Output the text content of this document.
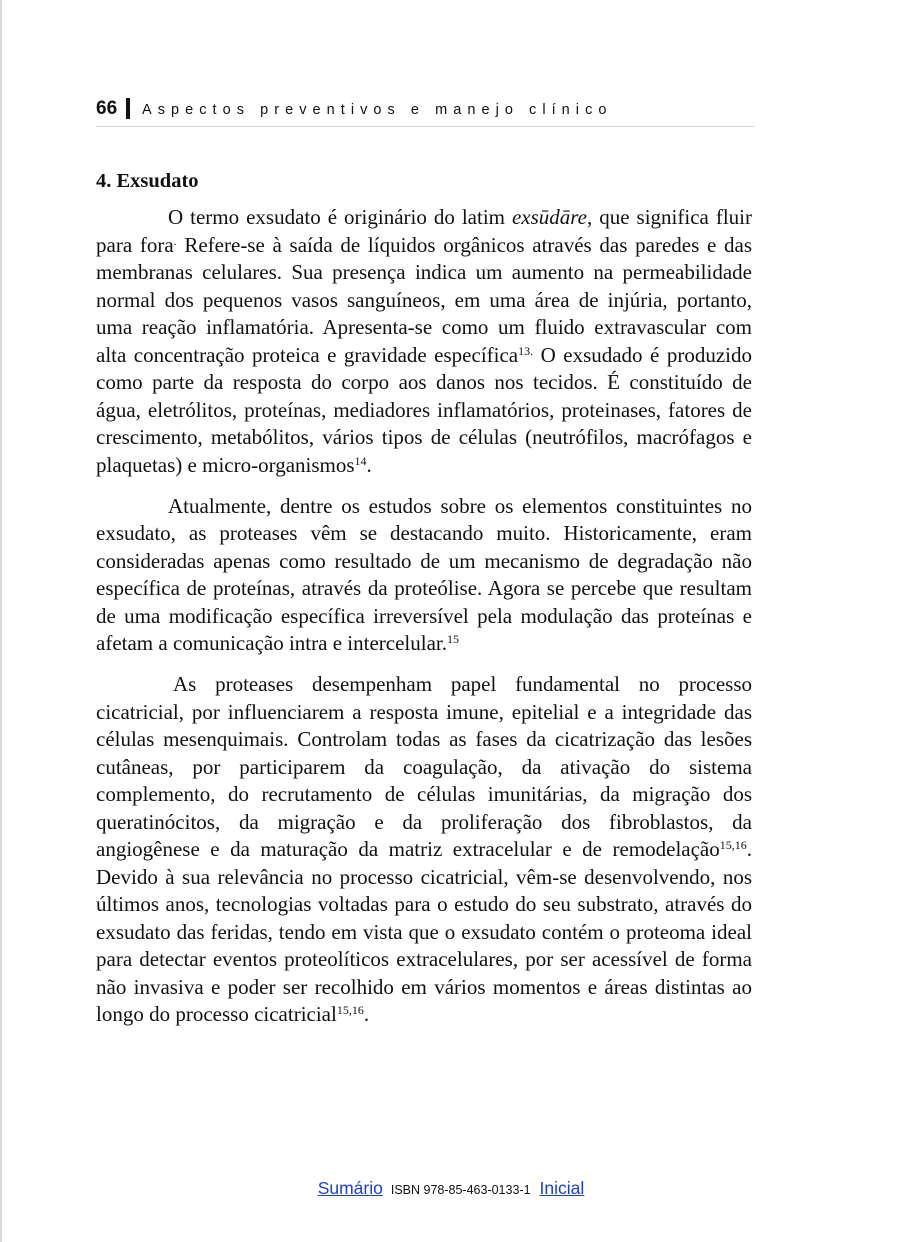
66 Aspectos preventivos e manejo clínico
4. Exsudato

O termo exsudato é originário do latim exsūdāre, que significa fluir para fora. Refere-se à saída de líquidos orgânicos através das paredes e das membranas celulares. Sua presença indica um aumento na permeabilidade normal dos pequenos vasos sanguíneos, em uma área de injúria, portanto, uma reação inflamatória. Apresenta-se como um fluido extravascular com alta concentração proteica e gravidade específica$^{13.}$ O exsudado é produzido como parte da resposta do corpo aos danos nos tecidos. É constituído de água, eletrólitos, proteínas, mediadores inflamatórios, proteinases, fatores de crescimento, metabólitos, vários tipos de células (neutrófilos, macrófagos e plaquetas) e micro-organismos$^{14}$.

Atualmente, dentre os estudos sobre os elementos constituintes no exsudato, as proteases vêm se destacando muito. Historicamente, eram consideradas apenas como resultado de um mecanismo de degradação não específica de proteínas, através da proteólise. Agora se percebe que resultam de uma modificação específica irreversível pela modulação das proteínas e afetam a comunicação intra e intercelular.$^{15}$

As proteases desempenham papel fundamental no processo cicatricial, por influenciarem a resposta imune, epitelial e a integridade das células mesenquimais. Controlam todas as fases da cicatrização das lesões cutâneas, por participarem da coagulação, da ativação do sistema complemento, do recrutamento de células imunitárias, da migração dos queratinócitos, da migração e da proliferação dos fibroblastos, da angiogênese e da maturação da matriz extracelular e de remodelação$^{15,16}$. Devido à sua relevância no processo cicatricial, vêm-se desenvolvendo, nos últimos anos, tecnologias voltadas para o estudo do seu substrato, através do exsudato das feridas, tendo em vista que o exsudato contém o proteoma ideal para detectar eventos proteolíticos extracelulares, por ser acessível de forma não invasiva e poder ser recolhido em vários momentos e áreas distintas ao longo do processo cicatricial$^{15,16}$.

Sumário ISBN 978-85-463-0133-1 Inicial
